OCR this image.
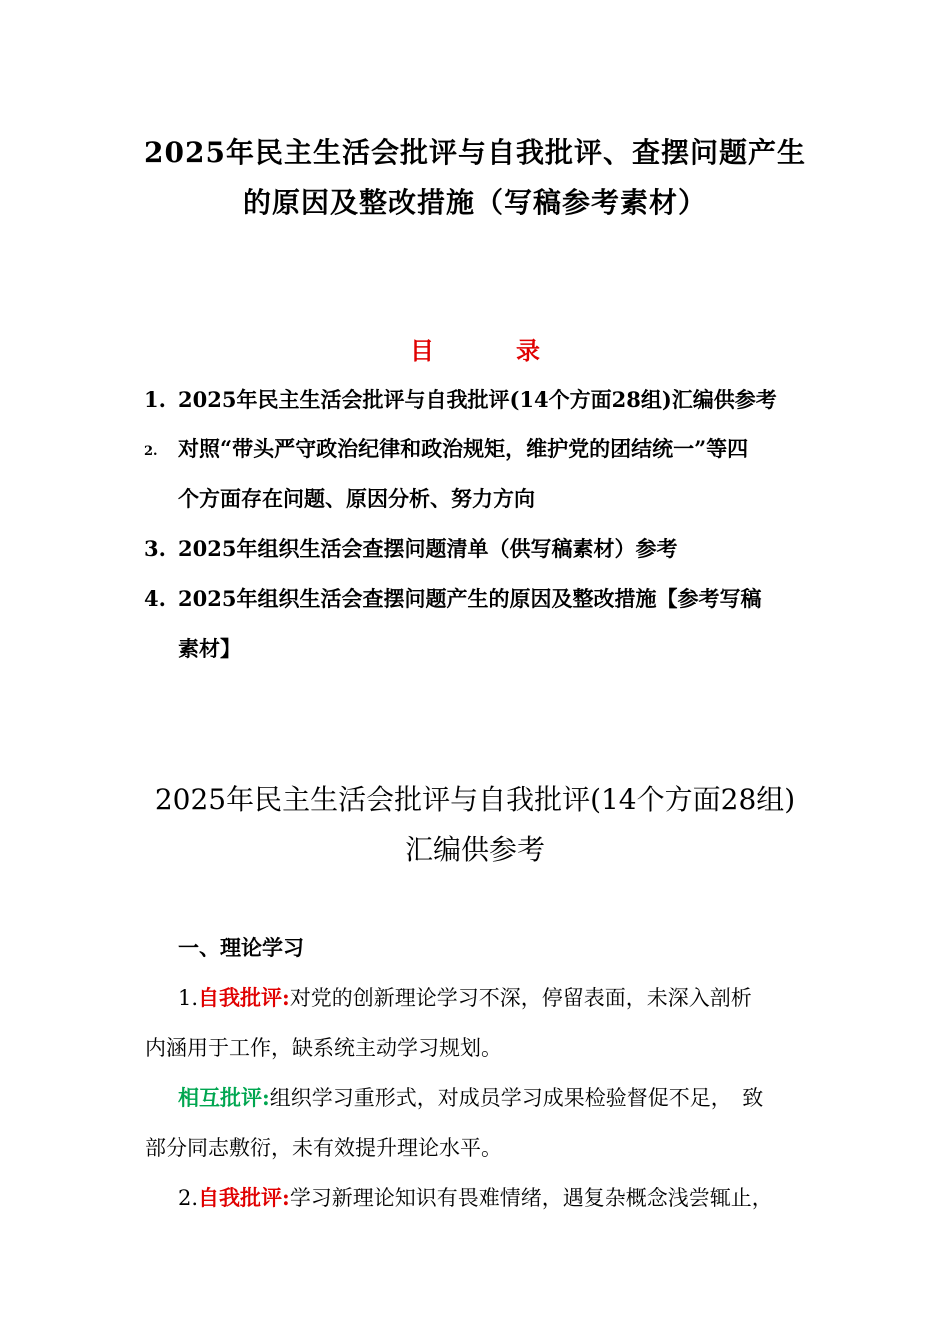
2025年民主生活会批评与自我批评、查摆问题产生
的原因及整改措施（写稿参考素材）
目	录
1. 2025年民主生活会批评与自我批评(14个方面28组)汇编供参考
2. 对照“带头严守政治纪律和政治规矩，维护党的团结统一”等四
个方面存在问题、原因分析、努力方向
3. 2025年组织生活会查摆问题清单（供写稿素材）参考
4. 2025年组织生活会查摆问题产生的原因及整改措施【参考写稿
素材】
2025年民主生活会批评与自我批评(14个方面28组)
汇编供参考
一、理论学习
1.自我批评:对党的创新理论学习不深，停留表面，未深入剖析
内涵用于工作，缺系统主动学习规划。
相互批评:组织学习重形式，对成员学习成果检验督促不足，　致
部分同志敷衍，未有效提升理论水平。
2.自我批评:学习新理论知识有畏难情绪，遇复杂概念浅尝辄止，
